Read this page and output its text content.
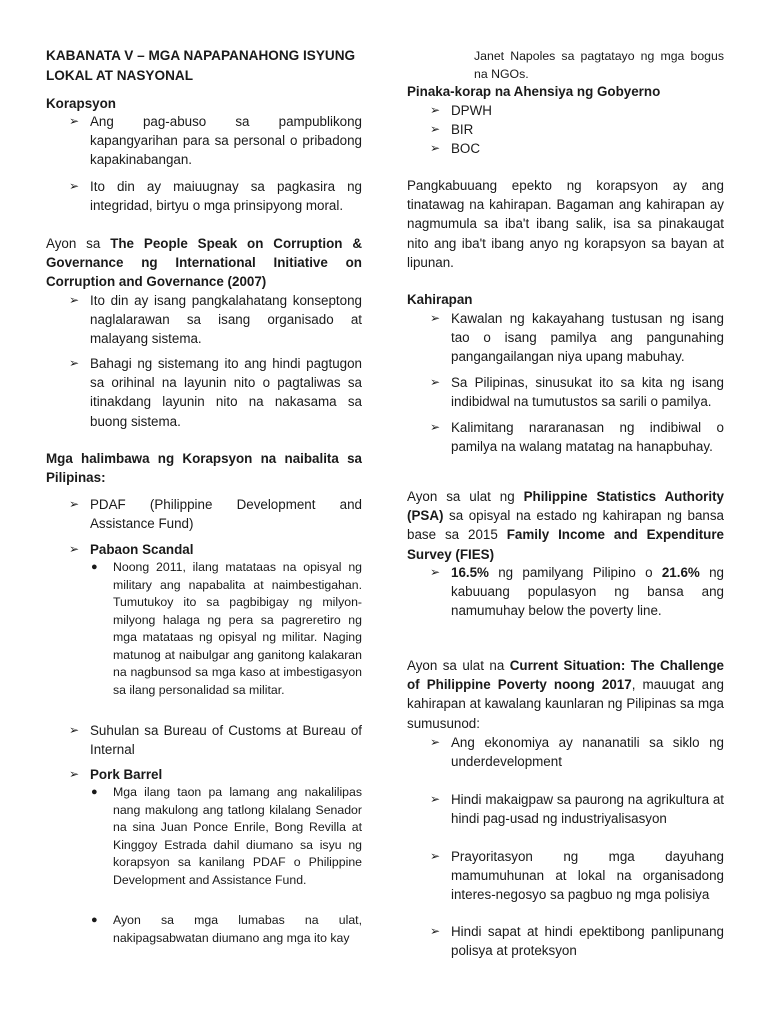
KABANATA V – MGA NAPAPANAHONG ISYUNG LOKAL AT NASYONAL
Korapsyon
➢ Ang pag-abuso sa pampublikong kapangyarihan para sa personal o pribadong kapakinabangan.
➢ Ito din ay maiuugnay sa pagkasira ng integridad, birtyu o mga prinsipyong moral.
Ayon sa The People Speak on Corruption & Governance ng International Initiative on Corruption and Governance (2007)
➢ Ito din ay isang pangkalahatang konseptong naglalarawan sa isang organisado at malayang sistema.
➢ Bahagi ng sistemang ito ang hindi pagtugon sa orihinal na layunin nito o pagtaliwas sa itinakdang layunin nito na nakasama sa buong sistema.
Mga halimbawa ng Korapsyon na naibalita sa Pilipinas:
➢ PDAF (Philippine Development and Assistance Fund)
➢ Pabaon Scandal
● Noong 2011, ilang matataas na opisyal ng military ang napabalita at naimbestigahan. Tumutukoy ito sa pagbibigay ng milyon-milyong halaga ng pera sa pagreretiro ng mga matataas ng opisyal ng militar. Naging matunog at naibulgar ang ganitong kalakaran na nagbunsod sa mga kaso at imbestigasyon sa ilang personalidad sa militar.
➢ Suhulan sa Bureau of Customs at Bureau of Internal
➢ Pork Barrel
● Mga ilang taon pa lamang ang nakalilipas nang makulong ang tatlong kilalang Senador na sina Juan Ponce Enrile, Bong Revilla at Kinggoy Estrada dahil diumano sa isyu ng korapsyon sa kanilang PDAF o Philippine Development and Assistance Fund.
● Ayon sa mga lumabas na ulat, nakipagsabwatan diumano ang mga ito kay
Janet Napoles sa pagtatayo ng mga bogus na NGOs.
Pinaka-korap na Ahensiya ng Gobyerno
➢ DPWH
➢ BIR
➢ BOC
Pangkabuuang epekto ng korapsyon ay ang tinatawag na kahirapan. Bagaman ang kahirapan ay nagmumula sa iba't ibang salik, isa sa pinakaugat nito ang iba't ibang anyo ng korapsyon sa bayan at lipunan.
Kahirapan
➢ Kawalan ng kakayahang tustusan ng isang tao o isang pamilya ang pangunahing pangangailangan niya upang mabuhay.
➢ Sa Pilipinas, sinusukat ito sa kita ng isang indibidwal na tumutustos sa sarili o pamilya.
➢ Kalimitang nararanasan ng indibiwal o pamilya na walang matatag na hanapbuhay.
Ayon sa ulat ng Philippine Statistics Authority (PSA) sa opisyal na estado ng kahirapan ng bansa base sa 2015 Family Income and Expenditure Survey (FIES)
➢ 16.5% ng pamilyang Pilipino o 21.6% ng kabuuang populasyon ng bansa ang namumuhay below the poverty line.
Ayon sa ulat na Current Situation: The Challenge of Philippine Poverty noong 2017, mauugat ang kahirapan at kawalang kaunlaran ng Pilipinas sa mga sumusunod:
➢ Ang ekonomiya ay nananatili sa siklo ng underdevelopment
➢ Hindi makaigpaw sa paurong na agrikultura at hindi pag-usad ng industriyalisasyon
➢ Prayoritasyon ng mga dayuhang mamumuhunan at lokal na organisadong interes-negosyo sa pagbuo ng mga polisiya
➢ Hindi sapat at hindi epektibong panlipunang polisya at proteksyon
